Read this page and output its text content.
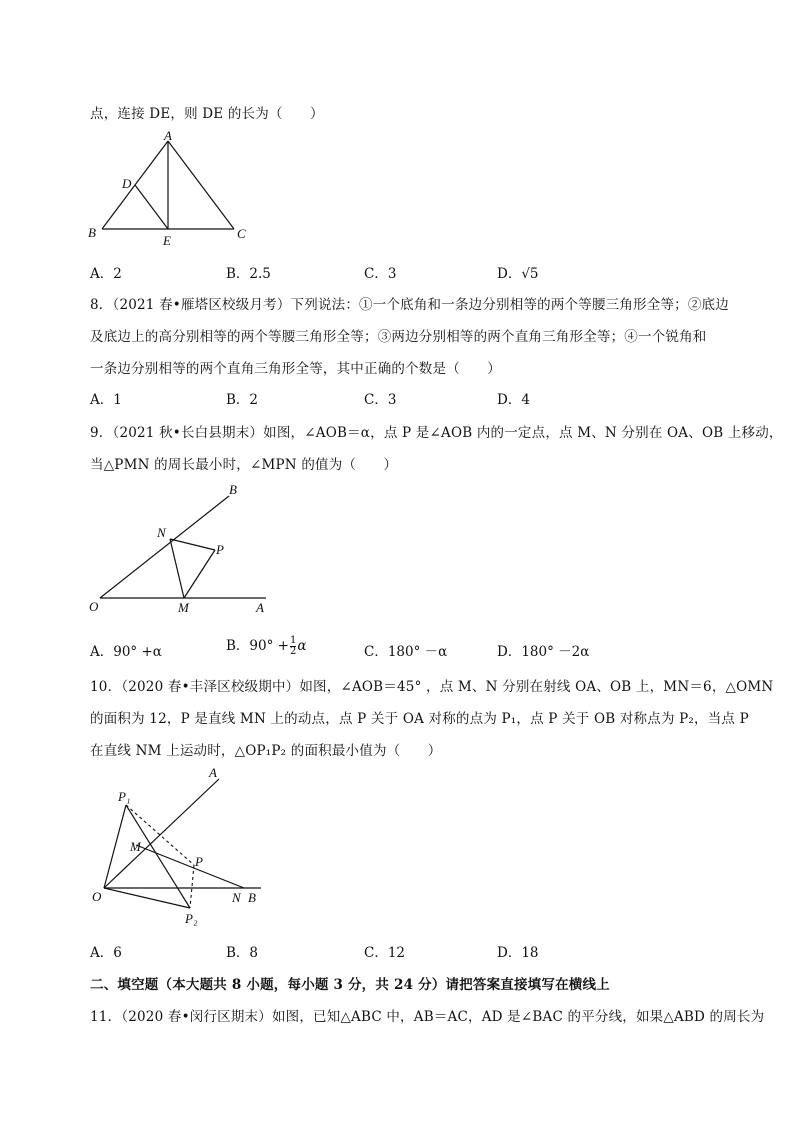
点，连接 DE，则 DE 的长为（　　）
A
B	C
D
E
A．2	B．2.5	C．3	D．√5
8．（2021 春•雁塔区校级月考）下列说法：①一个底角和一条边分别相等的两个等腰三角形全等；②底边
及底边上的高分别相等的两个等腰三角形全等；③两边分别相等的两个直角三角形全等；④一个锐角和
一条边分别相等的两个直角三角形全等，其中正确的个数是（　　）
A．1	B．2	C．3	D．4
9．（2021 秋•长白县期末）如图，∠AOB＝α，点 P 是∠AOB 内的一定点，点 M、N 分别在 OA、OB 上移动，
当△PMN 的周长最小时，∠MPN 的值为（　　）
B
N
P
O	M	A
A．90° +α	B．$90^\circ + \frac{1}{2}$ α	C．180° －α	D．180° －2α
10．（2020 春•丰泽区校级期中）如图，∠AOB＝45° ，点 M、N 分别在射线 OA、OB 上，MN＝6，△OMN
的面积为 12，P 是直线 MN 上的动点，点 P 关于 OA 对称的点为 P₁，点 P 关于 OB 对称点为 P₂，当点 P
在直线 NM 上运动时，△OP₁P₂ 的面积最小值为（　　）
A
P₁
M
P
O	N B
P₂
A．6	B．8	C．12	D．18
二、填空题（本大题共 8 小题，每小题 3 分，共 24 分）请把答案直接填写在横线上
11．（2020 春•闵行区期末）如图，已知△ABC 中，AB＝AC，AD 是∠BAC 的平分线，如果△ABD 的周长为
